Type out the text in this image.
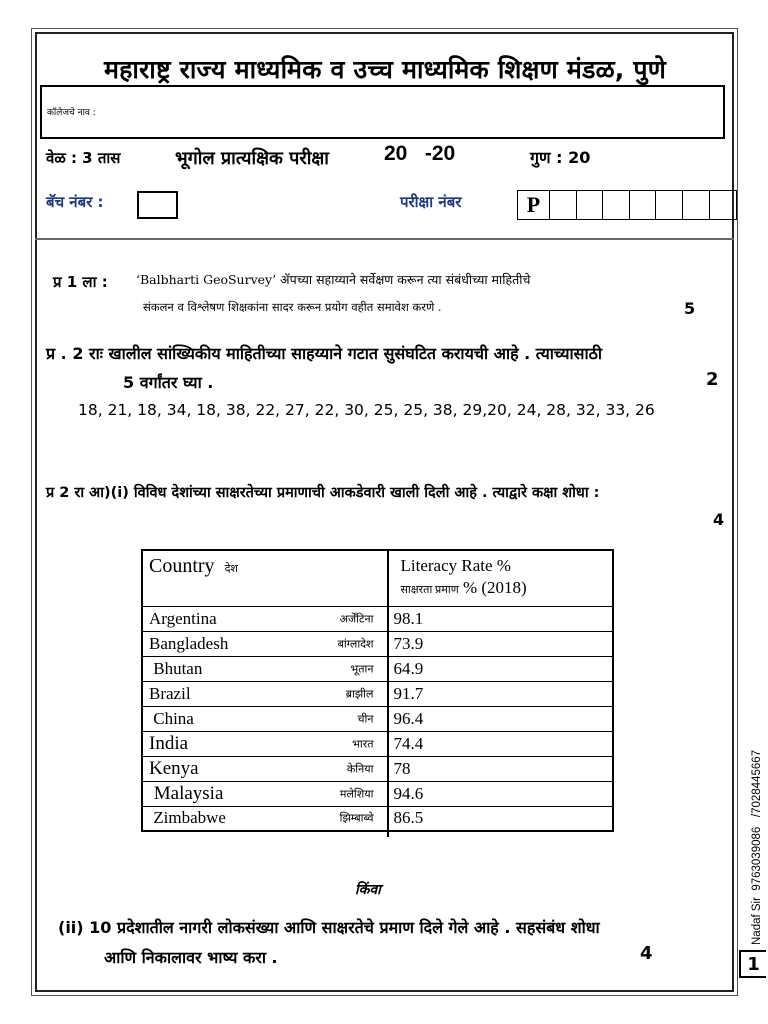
महाराष्ट्र राज्य माध्यमिक व उच्च माध्यमिक शिक्षण मंडळ, पुणे
कॉलेजचे नाव :
वेळ : 3 तास	भूगोल प्रात्यक्षिक परीक्षा	20   -20	गुण : 20
बॅच नंबर :	परीक्षा नंबर	P
प्र 1 ला : ‘Balbharti GeoSurvey’ ॲपच्या सहाय्याने सर्वेक्षण करून त्या संबंधीच्या माहितीचे
संकलन व विश्लेषण शिक्षकांना सादर करून प्रयोग वहीत समावेश करणे .	5
प्र . 2 राः खालील सांख्यिकीय माहितीच्या साहय्याने गटात सुसंघटित करायची आहे . त्याच्यासाठी
5 वर्गांतर घ्या .	2
18, 21, 18, 34, 18, 38, 22, 27, 22, 30, 25, 25, 38, 29,20, 24, 28, 32, 33, 26
प्र 2 रा आ)(i) विविध देशांच्या साक्षरतेच्या प्रमाणाची आकडेवारी खाली दिली आहे . त्याद्वारे कक्षा शोधा :
4
Country देश	Literacy Rate %
साक्षरता प्रमाण % (2018)

Argentina अर्जेंटिना	98.1
Bangladesh बांग्लादेश	73.9
Bhutan भूतान	64.9
Brazil ब्राझील	91.7
China चीन	96.4
India भारत	74.4
Kenya केनिया	78
Malaysia मलेशिया	94.6
Zimbabwe झिम्बाब्वे	86.5
किंवा
(ii) 10 प्रदेशातील नागरी लोकसंख्या आणि साक्षरतेचे प्रमाण दिले गेले आहे . सहसंबंध शोधा
आणि निकालावर भाष्य करा .	4
Nadaf Sir  9763039086   /7028445667
1
